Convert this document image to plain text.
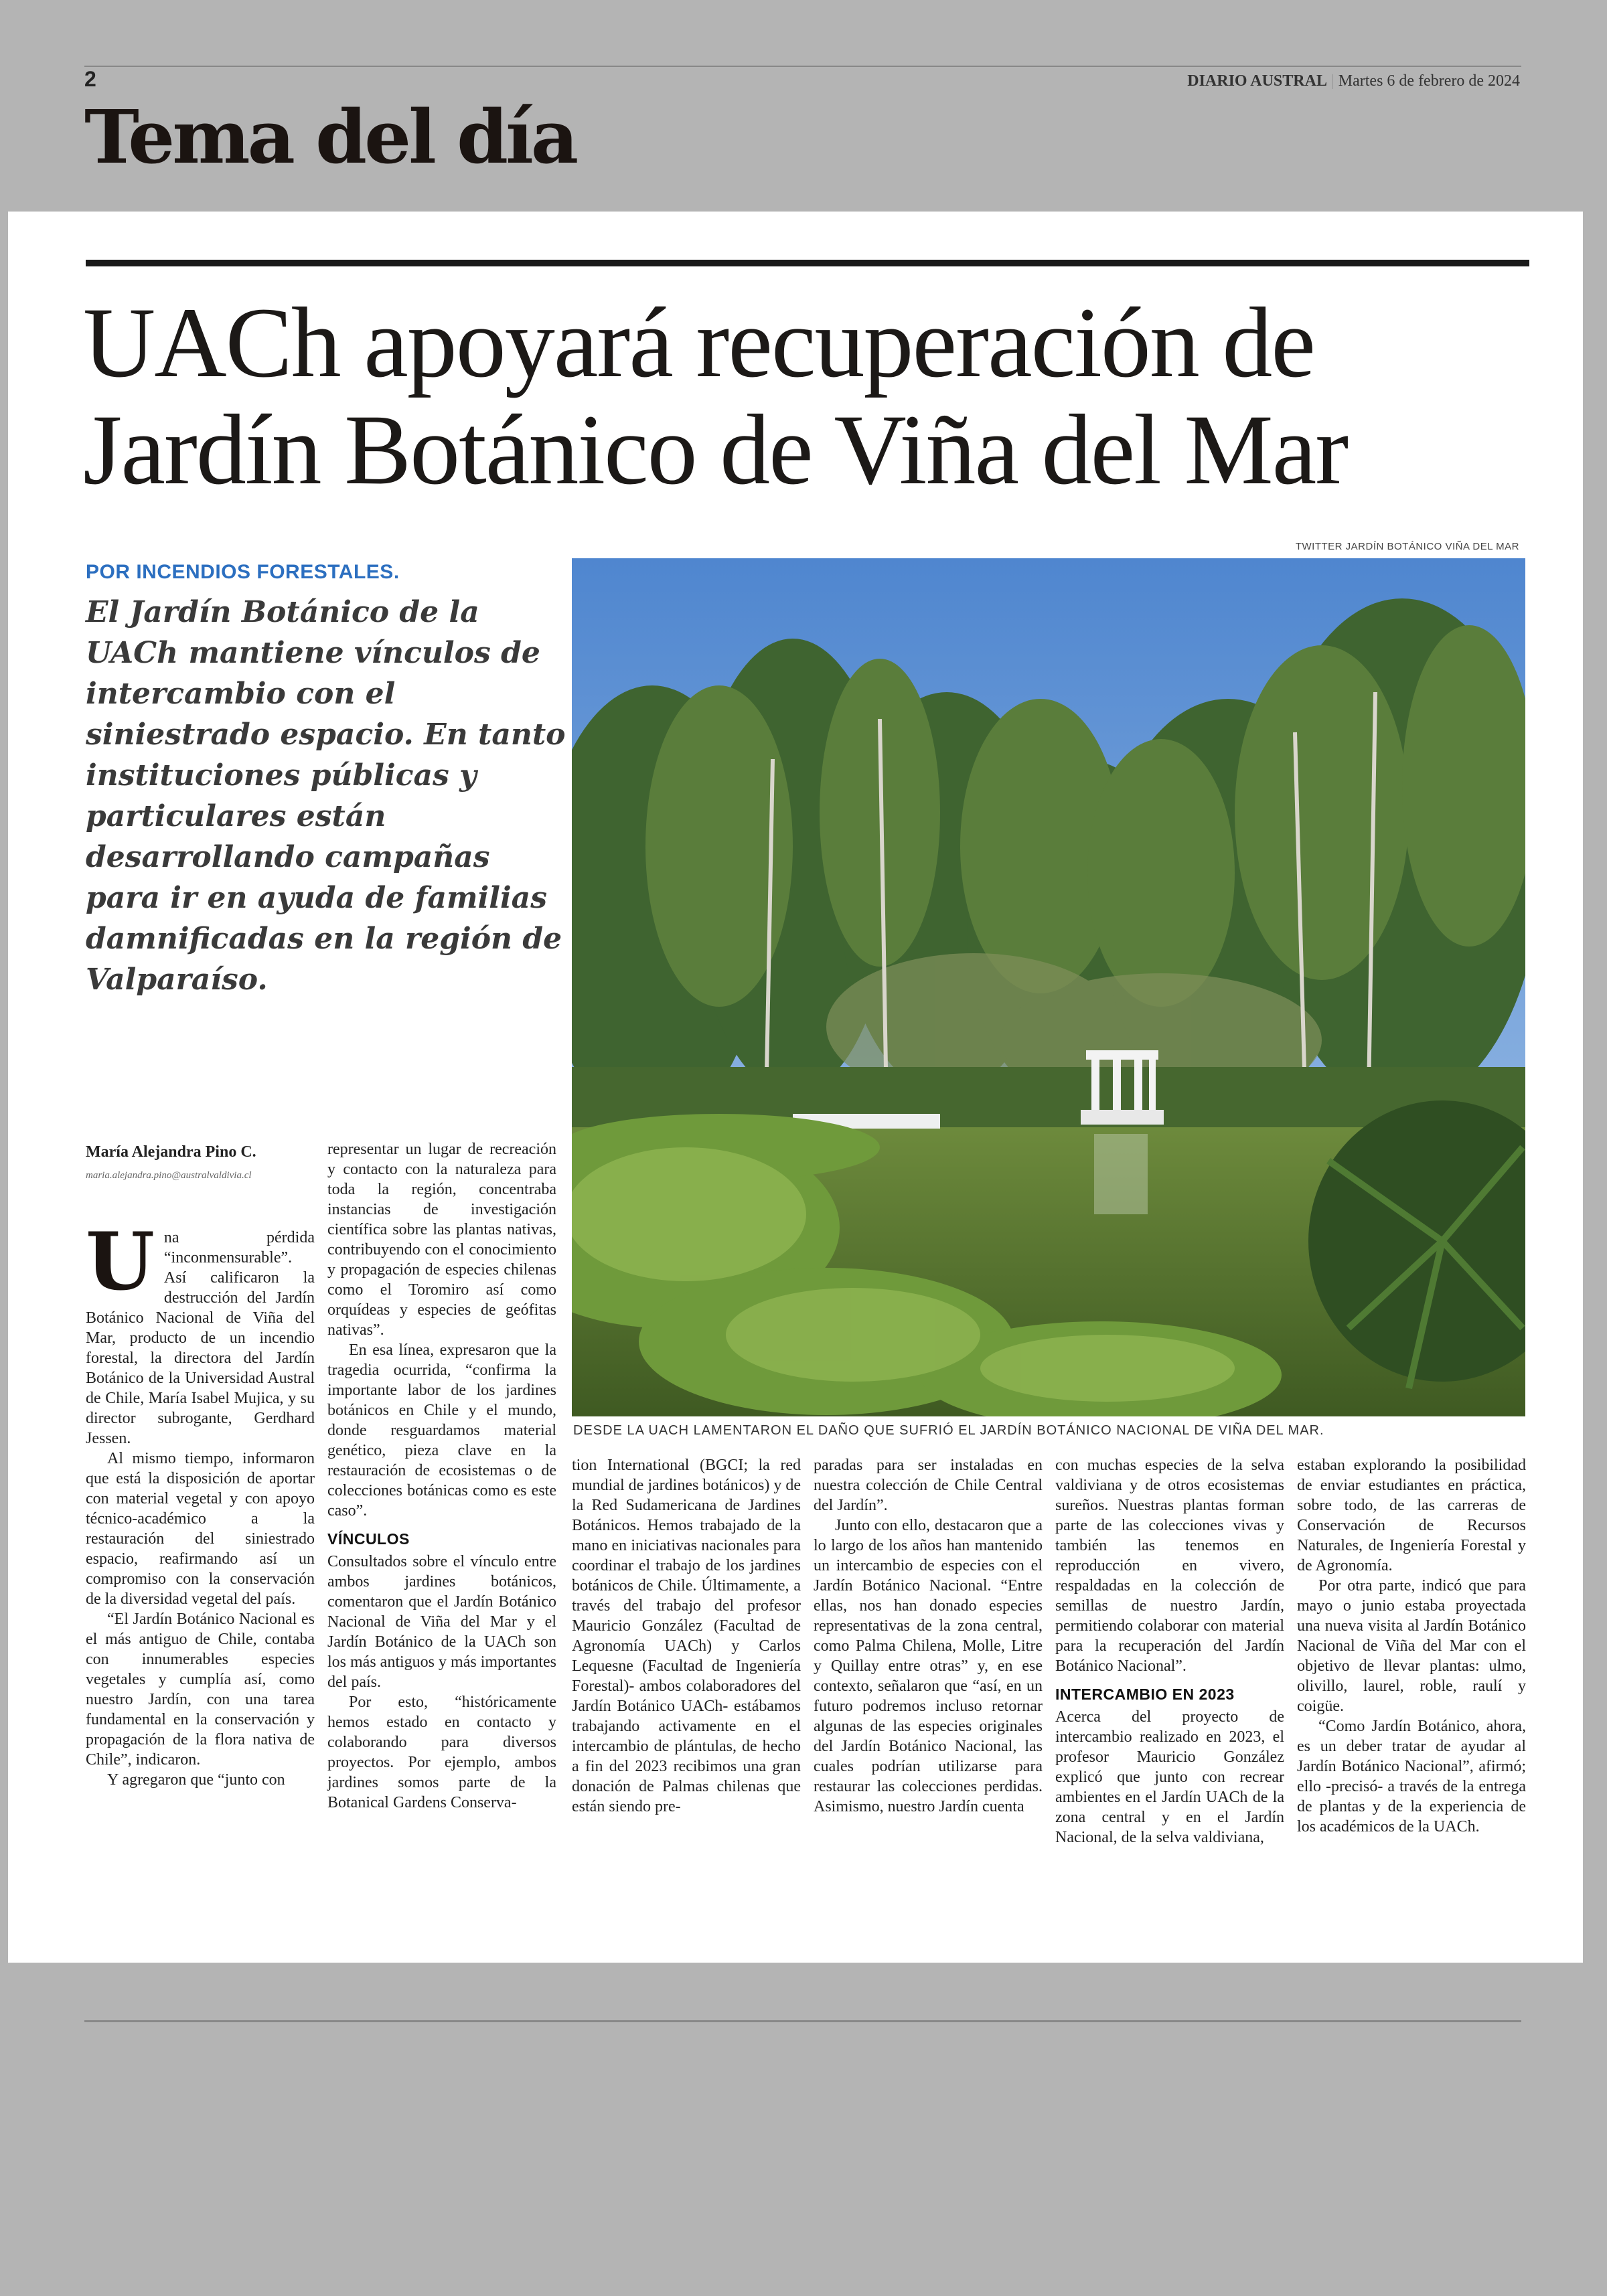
2	DIARIO AUSTRAL | Martes 6 de febrero de 2024
Tema del día
UACh apoyará recuperación de Jardín Botánico de Viña del Mar
POR INCENDIOS FORESTALES.
El Jardín Botánico de la UACh mantiene vínculos de intercambio con el siniestrado espacio. En tanto instituciones públicas y particulares están desarrollando campañas para ir en ayuda de familias damnificadas en la región de Valparaíso.
TWITTER JARDÍN BOTÁNICO VIÑA DEL MAR
DESDE LA UACH LAMENTARON EL DAÑO QUE SUFRIÓ EL JARDÍN BOTÁNICO NACIONAL DE VIÑA DEL MAR.
María Alejandra Pino C.
maria.alejandra.pino@australvaldivia.cl

Una pérdida “inconmensurable”. Así calificaron la destrucción del Jardín Botánico Nacional de Viña del Mar, producto de un incendio forestal, la directora del Jardín Botánico de la Universidad Austral de Chile, María Isabel Mujica, y su director subrogante, Gerdhard Jessen.

Al mismo tiempo, informaron que está la disposición de aportar con material vegetal y con apoyo técnico-académico a la restauración del siniestrado espacio, reafirmando así un compromiso con la conservación de la diversidad vegetal del país.

“El Jardín Botánico Nacional es el más antiguo de Chile, contaba con innumerables especies vegetales y cumplía así, como nuestro Jardín, con una tarea fundamental en la conservación y propagación de la flora nativa de Chile”, indicaron.

Y agregaron que “junto con

representar un lugar de recreación y contacto con la naturaleza para toda la región, concentraba instancias de investigación científica sobre las plantas nativas, contribuyendo con el conocimiento y propagación de especies chilenas como el Toromiro así como orquídeas y especies de geófitas nativas”.

En esa línea, expresaron que la tragedia ocurrida, “confirma la importante labor de los jardines botánicos en Chile y el mundo, donde resguardamos material genético, pieza clave en la restauración de ecosistemas o de colecciones botánicas como es este caso”.

VÍNCULOS

Consultados sobre el vínculo entre ambos jardines botánicos, comentaron que el Jardín Botánico Nacional de Viña del Mar y el Jardín Botánico de la UACh son los más antiguos y más importantes del país.

Por esto, “históricamente hemos estado en contacto y colaborando para diversos proyectos. Por ejemplo, ambos jardines somos parte de la Botanical Gardens Conserva-

tion International (BGCI; la red mundial de jardines botánicos) y de la Red Sudamericana de Jardines Botánicos. Hemos trabajado de la mano en iniciativas nacionales para coordinar el trabajo de los jardines botánicos de Chile. Últimamente, a través del trabajo del profesor Mauricio González (Facultad de Agronomía UACh) y Carlos Lequesne (Facultad de Ingeniería Forestal)- ambos colaboradores del Jardín Botánico UACh- estábamos trabajando activamente en el intercambio de plántulas, de hecho a fin del 2023 recibimos una gran donación de Palmas chilenas que están siendo pre-

paradas para ser instaladas en nuestra colección de Chile Central del Jardín”.

Junto con ello, destacaron que a lo largo de los años han mantenido un intercambio de especies con el Jardín Botánico Nacional. “Entre ellas, nos han donado especies representativas de la zona central, como Palma Chilena, Molle, Litre y Quillay entre otras” y, en ese contexto, señalaron que “así, en un futuro podremos incluso retornar algunas de las especies originales del Jardín Botánico Nacional, las cuales podrían utilizarse para restaurar las colecciones perdidas. Asimismo, nuestro Jardín cuenta

con muchas especies de la selva valdiviana y de otros ecosistemas sureños. Nuestras plantas forman parte de las colecciones vivas y también las tenemos en reproducción en vivero, respaldadas en la colección de semillas de nuestro Jardín, permitiendo colaborar con material para la recuperación del Jardín Botánico Nacional”.

INTERCAMBIO EN 2023

Acerca del proyecto de intercambio realizado en 2023, el profesor Mauricio González explicó que junto con recrear ambientes en el Jardín UACh de la zona central y en el Jardín Nacional, de la selva valdiviana,

estaban explorando la posibilidad de enviar estudiantes en práctica, sobre todo, de las carreras de Conservación de Recursos Naturales, de Ingeniería Forestal y de Agronomía.

Por otra parte, indicó que para mayo o junio estaba proyectada una nueva visita al Jardín Botánico Nacional de Viña del Mar con el objetivo de llevar plantas: ulmo, olivillo, laurel, roble, raulí y coigüe.

“Como Jardín Botánico, ahora, es un deber tratar de ayudar al Jardín Botánico Nacional”, afirmó; ello -precisó- a través de la entrega de plantas y de la experiencia de los académicos de la UACh.
